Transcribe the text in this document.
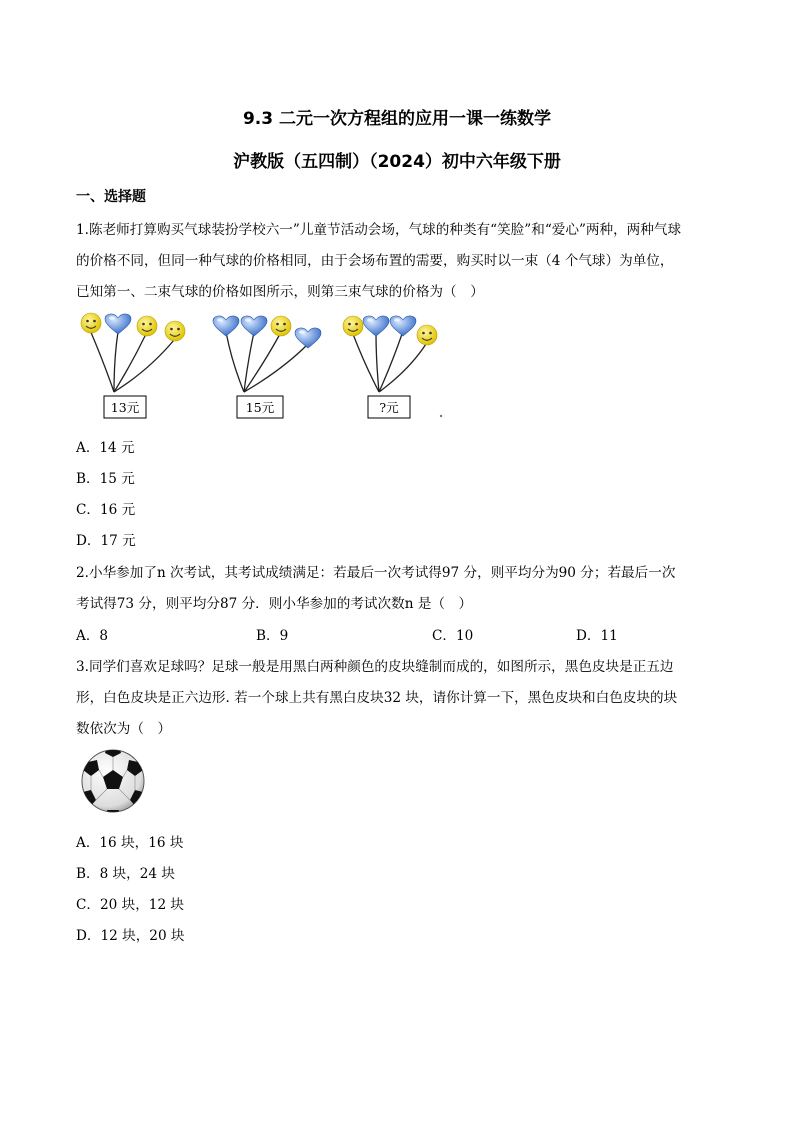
9.3 二元一次方程组的应用一课一练数学
沪教版（五四制）（2024）初中六年级下册
一、选择题
1.陈老师打算购买气球装扮学校六一”儿童节活动会场，气球的种类有“笑脸”和“爱心”两种，两种气球
的价格不同，但同一种气球的价格相同，由于会场布置的需要，购买时以一束（4 个气球）为单位，
已知第一、二束气球的价格如图所示，则第三束气球的价格为（　）
13元	15元	?元
A．14 元
B．15 元
C．16 元
D．17 元
2.小华参加了n 次考试，其考试成绩满足：若最后一次考试得97 分，则平均分为90 分；若最后一次
考试得73 分，则平均分87 分．则小华参加的考试次数n 是（　）
A．8	B．9	C．10	D．11
3.同学们喜欢足球吗？足球一般是用黑白两种颜色的皮块缝制而成的，如图所示，黑色皮块是正五边
形，白色皮块是正六边形. 若一个球上共有黑白皮块32 块，请你计算一下，黑色皮块和白色皮块的块
数依次为（　）
A．16 块，16 块
B．8 块，24 块
C．20 块，12 块
D．12 块，20 块
